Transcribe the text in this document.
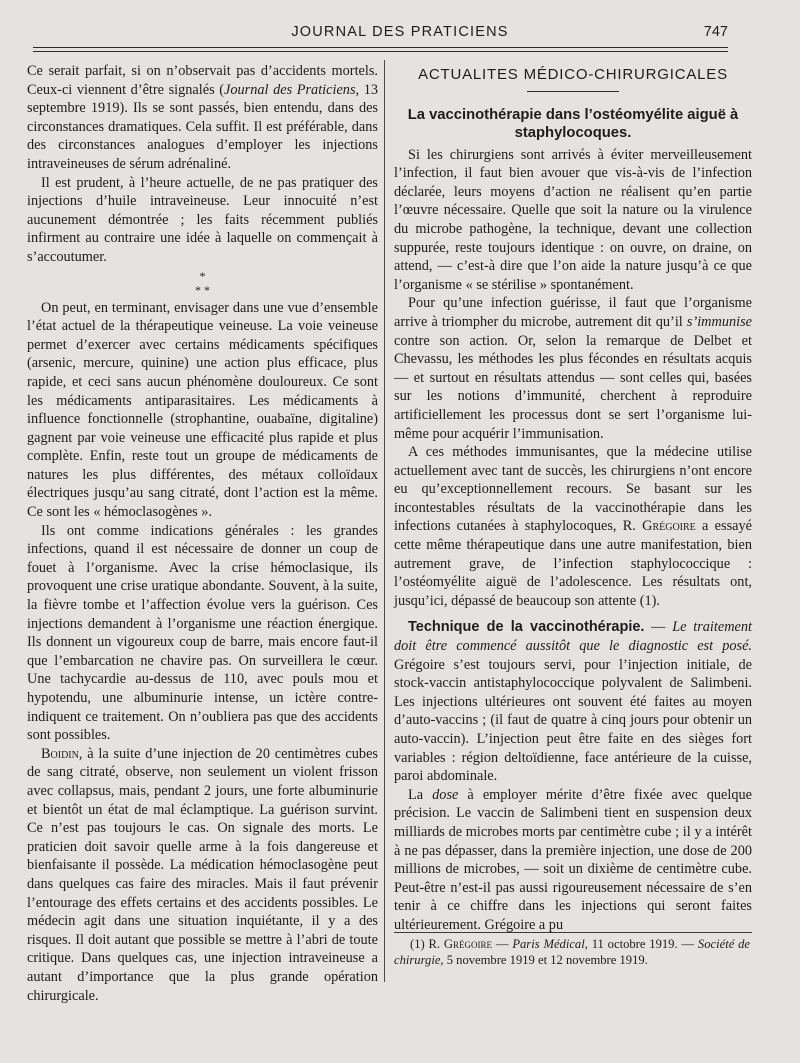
JOURNAL DES PRATICIENS	747

Ce serait parfait, si on n’observait pas d’accidents mortels. Ceux-ci viennent d’être signalés (Journal des Praticiens, 13 septembre 1919). Ils se sont passés, bien entendu, dans des circonstances dramatiques. Cela suffit. Il est préférable, dans des circonstances analogues d’employer les injections intraveineuses de sérum adrénaliné.

Il est prudent, à l’heure actuelle, de ne pas pratiquer des injections d’huile intraveineuse. Leur innocuité n’est aucunement démontrée ; les faits récemment publiés infirment au contraire une idée à laquelle on commençait à s’accoutumer.

*
* *

On peut, en terminant, envisager dans une vue d’ensemble l’état actuel de la thérapeutique veineuse. La voie veineuse permet d’exercer avec certains médicaments spécifiques (arsenic, mercure, quinine) une action plus efficace, plus rapide, et ceci sans aucun phénomène douloureux. Ce sont les médicaments antiparasitaires. Les médicaments à influence fonctionnelle (strophantine, ouabaïne, digitaline) gagnent par voie veineuse une efficacité plus rapide et plus complète. Enfin, reste tout un groupe de médicaments de natures les plus différentes, des métaux colloïdaux électriques jusqu’au sang citraté, dont l’action est la même. Ce sont les « hémoclasogènes ».

Ils ont comme indications générales : les grandes infections, quand il est nécessaire de donner un coup de fouet à l’organisme. Avec la crise hémoclasique, ils provoquent une crise uratique abondante. Souvent, à la suite, la fièvre tombe et l’affection évolue vers la guérison. Ces injections demandent à l’organisme une réaction énergique. Ils donnent un vigoureux coup de barre, mais encore faut-il que l’embarcation ne chavire pas. On surveillera le cœur. Une tachycardie au-dessus de 110, avec pouls mou et hypotendu, une albuminurie intense, un ictère contre-indiquent ce traitement. On n’oubliera pas que des accidents sont possibles.

Boidin, à la suite d’une injection de 20 centimètres cubes de sang citraté, observe, non seulement un violent frisson avec collapsus, mais, pendant 2 jours, une forte albuminurie et bientôt un état de mal éclamptique. La guérison survint. Ce n’est pas toujours le cas. On signale des morts. Le praticien doit savoir quelle arme à la fois dangereuse et bienfaisante il possède. La médication hémoclasogène peut dans quelques cas faire des miracles. Mais il faut prévenir l’entourage des effets certains et des accidents possibles. Le médecin agit dans une situation inquiétante, il y a des risques. Il doit autant que possible se mettre à l’abri de toute critique. Dans quelques cas, une injection intraveineuse a autant d’importance que la plus grande opération chirurgicale.

ACTUALITES MÉDICO-CHIRURGICALES
La vaccinothérapie dans l’ostéomyélite aiguë à staphylocoques.

Si les chirurgiens sont arrivés à éviter merveilleusement l’infection, il faut bien avouer que vis-à-vis de l’infection déclarée, leurs moyens d’action ne réalisent qu’en partie l’œuvre nécessaire. Quelle que soit la nature ou la virulence du microbe pathogène, la technique, devant une collection suppurée, reste toujours identique : on ouvre, on draine, on attend, — c’est-à dire que l’on aide la nature jusqu’à ce que l’organisme « se stérilise » spontanément.

Pour qu’une infection guérisse, il faut que l’organisme arrive à triompher du microbe, autrement dit qu’il s’immunise contre son action. Or, selon la remarque de Delbet et Chevassu, les méthodes les plus fécondes en résultats acquis — et surtout en résultats attendus — sont celles qui, basées sur les notions d’immunité, cherchent à reproduire artificiellement les processus dont se sert l’organisme lui-même pour acquérir l’immunisation.

A ces méthodes immunisantes, que la médecine utilise actuellement avec tant de succès, les chirurgiens n’ont encore eu qu’exceptionnellement recours. Se basant sur les incontestables résultats de la vaccinothérapie dans les infections cutanées à staphylocoques, R. Grégoire a essayé cette même thérapeutique dans une autre manifestation, bien autrement grave, de l’infection staphylococcique : l’ostéomyélite aiguë de l’adolescence. Les résultats ont, jusqu’ici, dépassé de beaucoup son attente (1).

Technique de la vaccinothérapie. — Le traitement doit être commencé aussitôt que le diagnostic est posé. Grégoire s’est toujours servi, pour l’injection initiale, de stock-vaccin antistaphylococcique polyvalent de Salimbeni. Les injections ultérieures ont souvent été faites au moyen d’auto-vaccins ; (il faut de quatre à cinq jours pour obtenir un auto-vaccin). L’injection peut être faite en des sièges fort variables : région deltoïdienne, face antérieure de la cuisse, paroi abdominale.

La dose à employer mérite d’être fixée avec quelque précision. Le vaccin de Salimbeni tient en suspension deux milliards de microbes morts par centimètre cube ; il y a intérêt à ne pas dépasser, dans la première injection, une dose de 200 millions de microbes, — soit un dixième de centimètre cube. Peut-être n’est-il pas aussi rigoureusement nécessaire de s’en tenir à ce chiffre dans les injections qui seront faites ultérieurement. Grégoire a pu

(1) R. Grégoire — Paris Médical, 11 octobre 1919. — Société de chirurgie, 5 novembre 1919 et 12 novembre 1919.
